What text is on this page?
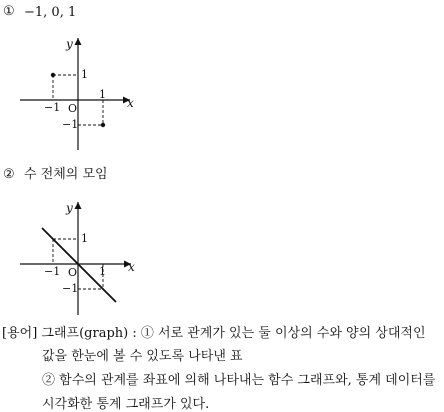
① −1, 0, 1
y
x
1
−1
−1
1
O
② 수 전체의 모임
y
x
1
−1
−1	1
O
[용어] 그래프(graph) : ① 서로 관계가 있는 둘 이상의 수와 양의 상대적인
값을 한눈에 볼 수 있도록 나타낸 표
② 함수의 관계를 좌표에 의해 나타내는 함수 그래프와, 통계 데이터를
시각화한 통계 그래프가 있다.
